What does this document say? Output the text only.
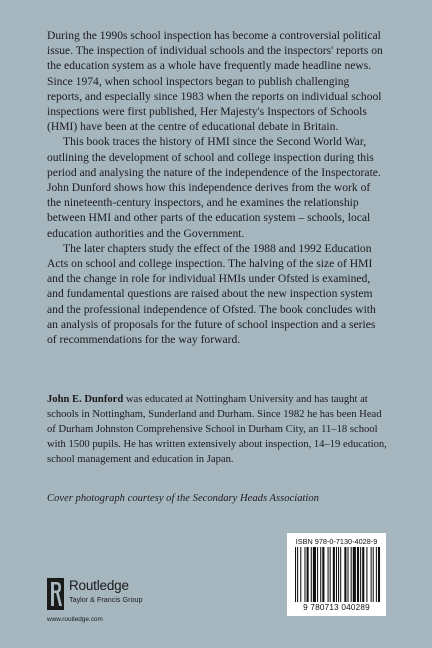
During the 1990s school inspection has become a controversial political issue. The inspection of individual schools and the inspectors' reports on the education system as a whole have frequently made headline news. Since 1974, when school inspectors began to publish challenging reports, and especially since 1983 when the reports on individual school inspections were first published, Her Majesty's Inspectors of Schools (HMI) have been at the centre of educational debate in Britain.

This book traces the history of HMI since the Second World War, outlining the development of school and college inspection during this period and analysing the nature of the independence of the Inspectorate. John Dunford shows how this independence derives from the work of the nineteenth-century inspectors, and he examines the relationship between HMI and other parts of the education system – schools, local education authorities and the Government.

The later chapters study the effect of the 1988 and 1992 Education Acts on school and college inspection. The halving of the size of HMI and the change in role for individual HMIs under Ofsted is examined, and fundamental questions are raised about the new inspection system and the professional independence of Ofsted. The book concludes with an analysis of proposals for the future of school inspection and a series of recommendations for the way forward.

John E. Dunford was educated at Nottingham University and has taught at schools in Nottingham, Sunderland and Durham. Since 1982 he has been Head of Durham Johnston Comprehensive School in Durham City, an 11–18 school with 1500 pupils. He has written extensively about inspection, 14–19 education, school management and education in Japan.

Cover photograph courtesy of the Secondary Heads Association

Routledge
Taylor & Francis Group
www.routledge.com
ISBN 978-0-7130-4028-9
9 780713 040289
